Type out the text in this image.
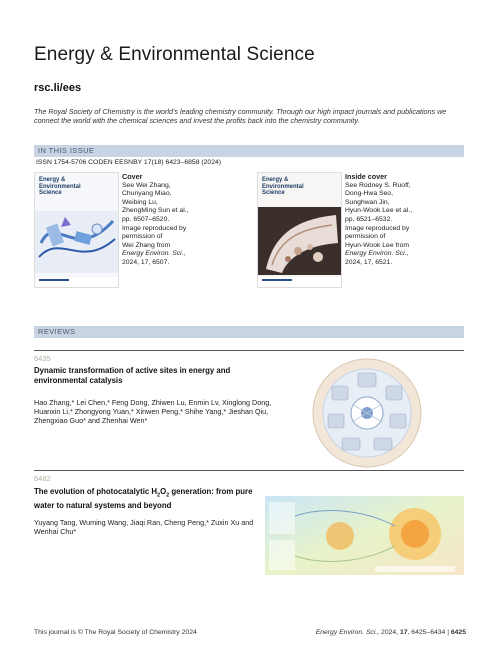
Energy & Environmental Science
rsc.li/ees
The Royal Society of Chemistry is the world's leading chemistry community. Through our high impact journals and publications we connect the world with the chemical sciences and invest the profits back into the chemistry community.
IN THIS ISSUE
ISSN 1754-5706 CODEN EESNBY 17(18) 6423–6858 (2024)
Energy & Environmental Science
Cover
See Wei Zhang,
Chunyang Miao,
Weibing Lu,
ZhengMing Sun et al.,
pp. 6507–6520.
Image reproduced by
permission of
Wei Zhang from
Energy Environ. Sci.,
2024, 17, 6507.
Energy & Environmental Science
Inside cover
See Rodney S. Ruoff,
Dong-Hwa Seo,
Sunghwan Jin,
Hyun-Wook Lee et al.,
pp. 6521–6532.
Image reproduced by
permission of
Hyun-Wook Lee from
Energy Environ. Sci.,
2024, 17, 6521.
REVIEWS
6435
Dynamic transformation of active sites in energy and environmental catalysis
Hao Zhang,* Lei Chen,* Feng Dong, Zhiwen Lu, Enmin Lv, Xinglong Dong, Huanxin Li,* Zhongyong Yuan,* Xinwen Peng,* Shihe Yang,* Jieshan Qiu, Zhengxiao Guo* and Zhenhai Wen*
6482
The evolution of photocatalytic $H_2O_2$ generation: from pure water to natural systems and beyond
Yuyang Tang, Wuming Wang, Jiaqi Ran, Cheng Peng,* Zuxin Xu and Wenhai Chu*
This journal is © The Royal Society of Chemistry 2024	Energy Environ. Sci., 2024, 17, 6425–6434 | 6425
